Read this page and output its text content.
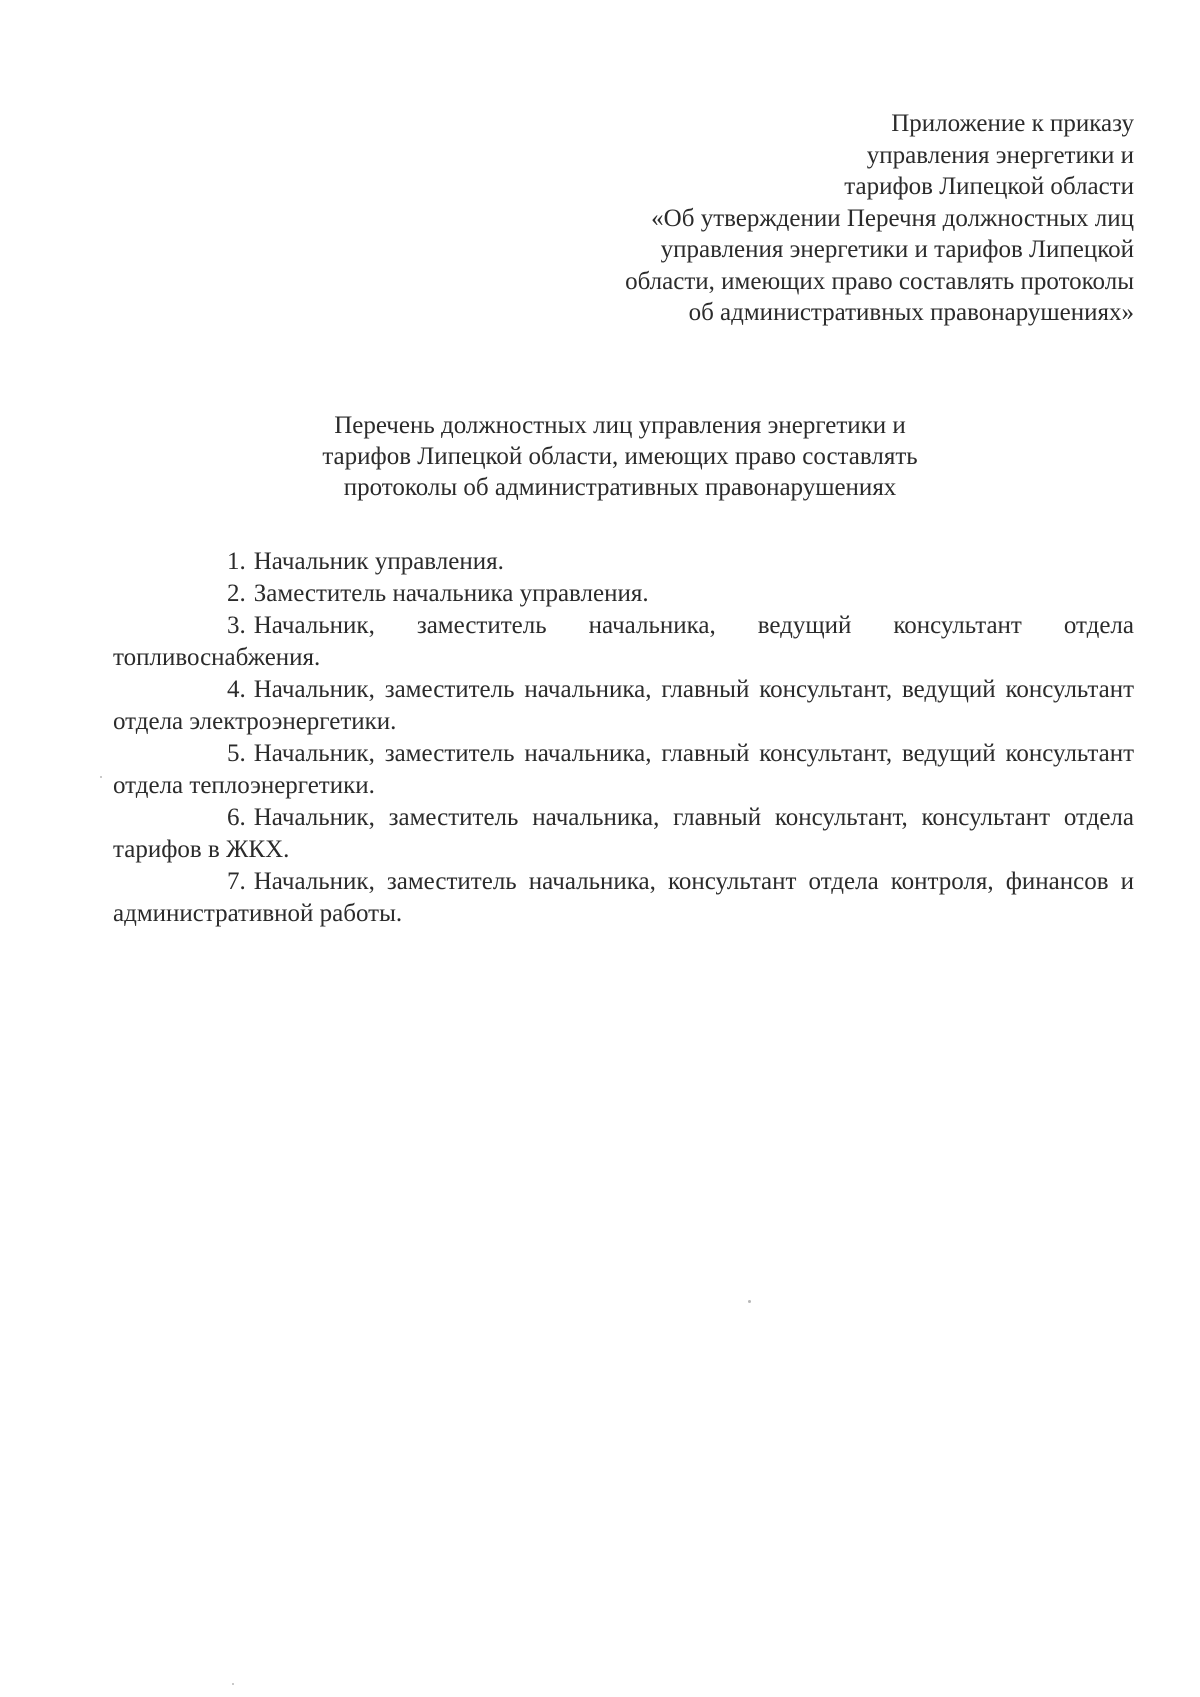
Приложение к приказу
управления энергетики и
тарифов Липецкой области
«Об утверждении Перечня должностных лиц
управления энергетики и тарифов Липецкой
области, имеющих право составлять протоколы
об административных правонарушениях»
Перечень должностных лиц управления энергетики и
тарифов Липецкой области, имеющих право составлять
протоколы об административных правонарушениях
1. Начальник управления.
2. Заместитель начальника управления.
3. Начальник, заместитель начальника, ведущий консультант отдела топливоснабжения.
4. Начальник, заместитель начальника, главный консультант, ведущий консультант отдела электроэнергетики.
5. Начальник, заместитель начальника, главный консультант, ведущий консультант отдела теплоэнергетики.
6. Начальник, заместитель начальника, главный консультант, консультант отдела тарифов в ЖКХ.
7. Начальник, заместитель начальника, консультант отдела контроля, финансов и административной работы.
